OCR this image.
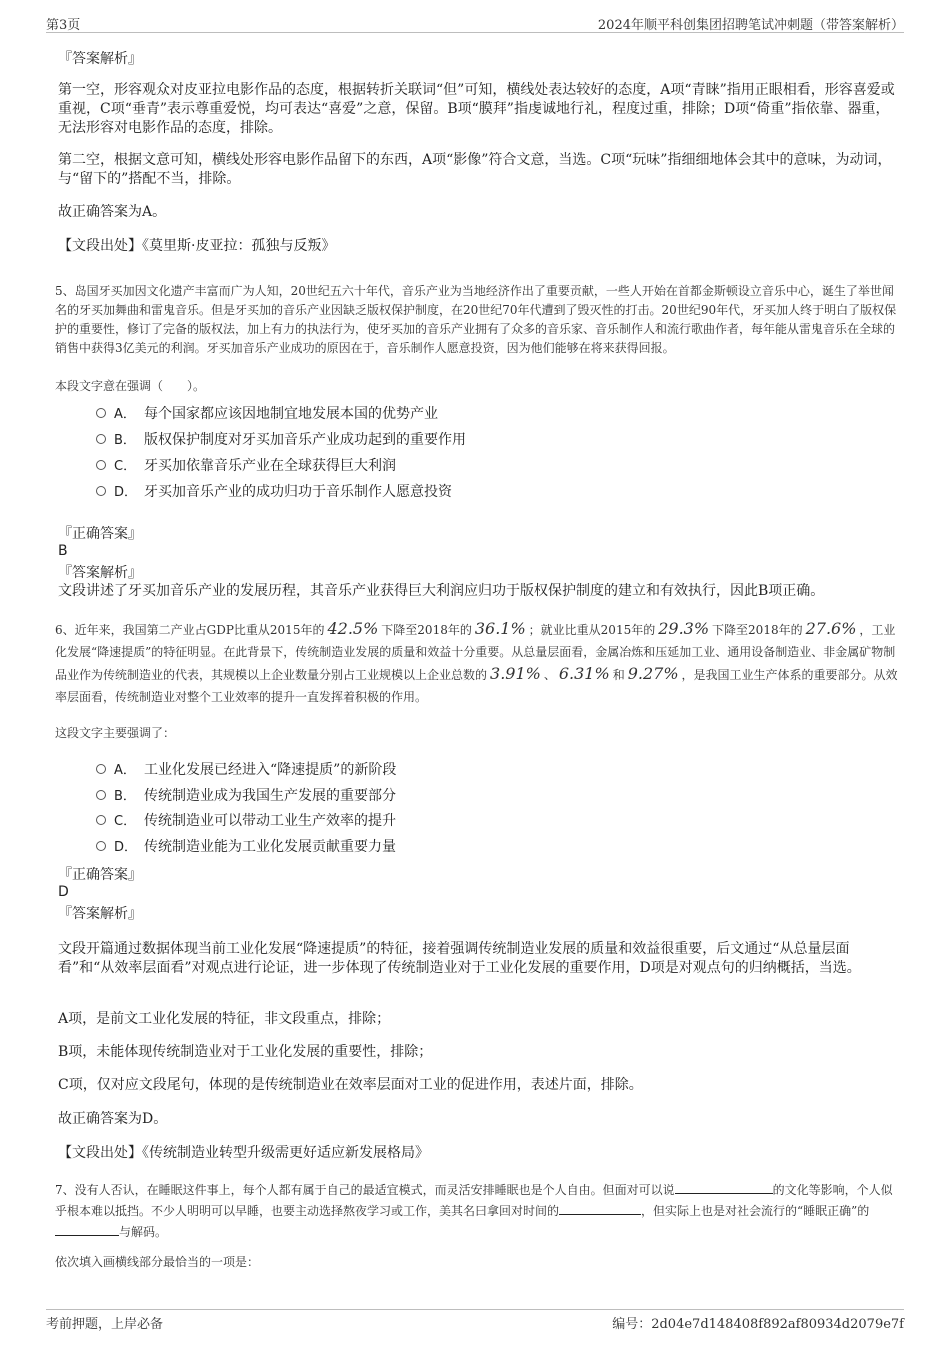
第3页	2024年顺平科创集团招聘笔试冲刺题（带答案解析）
『答案解析』
第一空，形容观众对皮亚拉电影作品的态度，根据转折关联词“但”可知，横线处表达较好的态度，A项“青睐”指用正眼相看，形容喜爱或重视，C项“垂青”表示尊重爱悦，均可表达“喜爱”之意，保留。B项“膜拜”指虔诚地行礼，程度过重，排除；D项“倚重”指依靠、器重，无法形容对电影作品的态度，排除。
第二空，根据文意可知，横线处形容电影作品留下的东西，A项“影像”符合文意，当选。C项“玩味”指细细地体会其中的意味，为动词，与“留下的”搭配不当，排除。
故正确答案为A。
【文段出处】《莫里斯·皮亚拉：孤独与反叛》
5、岛国牙买加因文化遗产丰富而广为人知，20世纪五六十年代，音乐产业为当地经济作出了重要贡献，一些人开始在首都金斯顿设立音乐中心，诞生了举世闻名的牙买加舞曲和雷鬼音乐。但是牙买加的音乐产业因缺乏版权保护制度，在20世纪70年代遭到了毁灭性的打击。20世纪90年代，牙买加人终于明白了版权保护的重要性，修订了完备的版权法，加上有力的执法行为，使牙买加的音乐产业拥有了众多的音乐家、音乐制作人和流行歌曲作者，每年能从雷鬼音乐在全球的销售中获得3亿美元的利润。牙买加音乐产业成功的原因在于，音乐制作人愿意投资，因为他们能够在将来获得回报。
本段文字意在强调（　　）。
A． 每个国家都应该因地制宜地发展本国的优势产业
B． 版权保护制度对牙买加音乐产业成功起到的重要作用
C． 牙买加依靠音乐产业在全球获得巨大利润
D． 牙买加音乐产业的成功归功于音乐制作人愿意投资
『正确答案』
B
『答案解析』
文段讲述了牙买加音乐产业的发展历程，其音乐产业获得巨大利润应归功于版权保护制度的建立和有效执行，因此B项正确。
6、近年来，我国第二产业占GDP比重从2015年的 42.5% 下降至2018年的 36.1% ；就业比重从2015年的 29.3% 下降至2018年的 27.6% ，工业化发展“降速提质”的特征明显。在此背景下，传统制造业发展的质量和效益十分重要。从总量层面看，金属冶炼和压延加工业、通用设备制造业、非金属矿物制品业作为传统制造业的代表，其规模以上企业数量分别占工业规模以上企业总数的 3.91% 、 6.31% 和 9.27% ，是我国工业生产体系的重要部分。从效率层面看，传统制造业对整个工业效率的提升一直发挥着积极的作用。
这段文字主要强调了：
A． 工业化发展已经进入“降速提质”的新阶段
B． 传统制造业成为我国生产发展的重要部分
C． 传统制造业可以带动工业生产效率的提升
D． 传统制造业能为工业化发展贡献重要力量
『正确答案』
D
『答案解析』
文段开篇通过数据体现当前工业化发展“降速提质”的特征，接着强调传统制造业发展的质量和效益很重要，后文通过“从总量层面看”和“从效率层面看”对观点进行论证，进一步体现了传统制造业对于工业化发展的重要作用，D项是对观点句的归纳概括，当选。
A项，是前文工业化发展的特征，非文段重点，排除；
B项，未能体现传统制造业对于工业化发展的重要性，排除；
C项，仅对应文段尾句，体现的是传统制造业在效率层面对工业的促进作用，表述片面，排除。
故正确答案为D。
【文段出处】《传统制造业转型升级需更好适应新发展格局》
7、没有人否认，在睡眠这件事上，每个人都有属于自己的最适宜模式，而灵活安排睡眠也是个人自由。但面对可以说	的文化等影响，个人似乎根本难以抵挡。不少人明明可以早睡，也要主动选择熬夜学习或工作，美其名曰拿回对时间的	，但实际上也是对社会流行的“睡眠正确”的与解码。
依次填入画横线部分最恰当的一项是：
考前押题，上岸必备	编号：2d04e7d148408f892af80934d2079e7f
